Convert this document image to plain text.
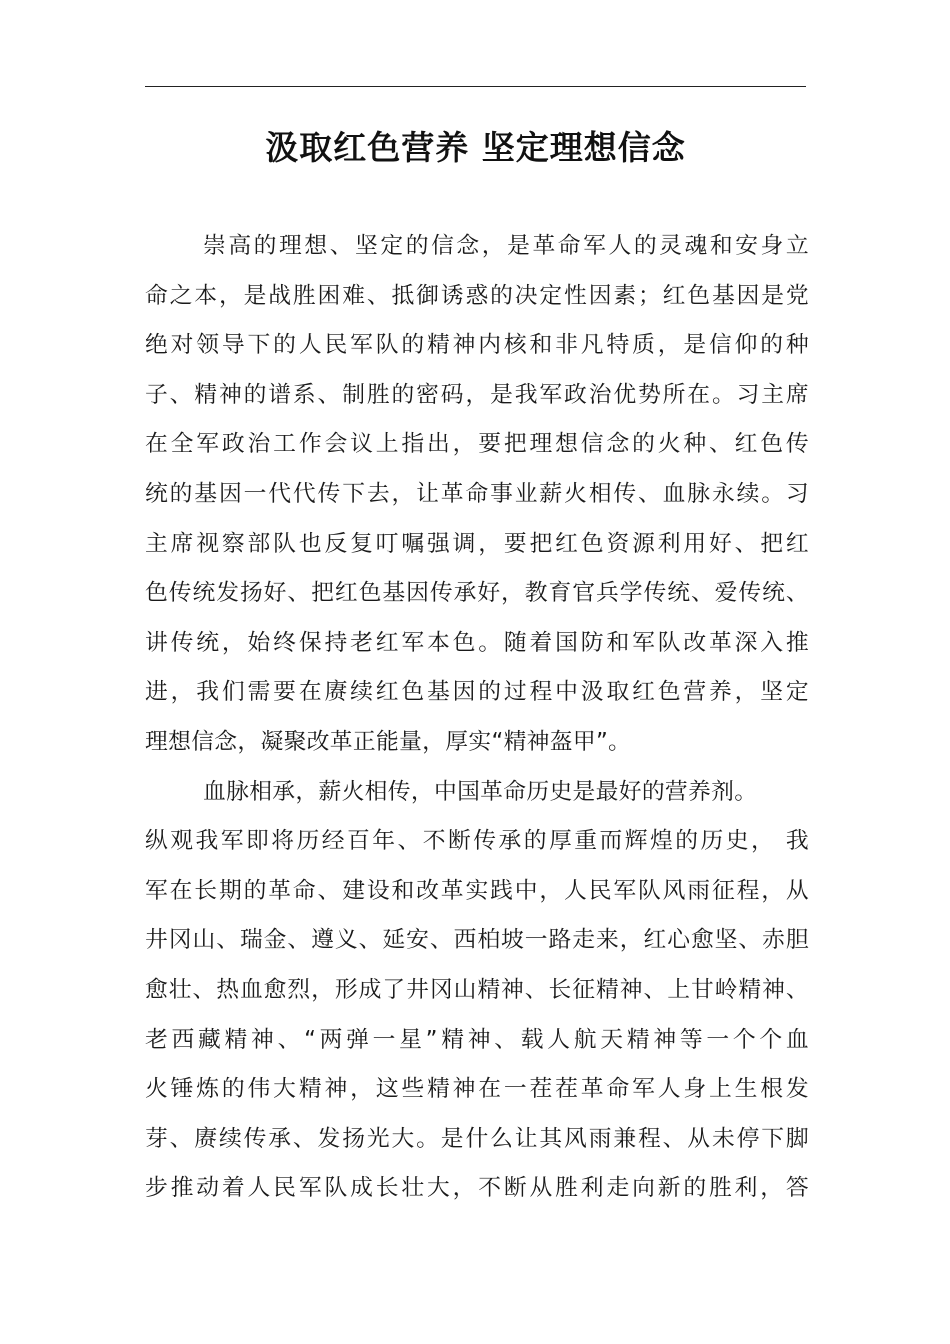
汲取红色营养 坚定理想信念
崇高的理想、坚定的信念，是革命军人的灵魂和安身立
命之本，是战胜困难、抵御诱惑的决定性因素；红色基因是党
绝对领导下的人民军队的精神内核和非凡特质，是信仰的种
子、精神的谱系、制胜的密码，是我军政治优势所在。习主席
在全军政治工作会议上指出，要把理想信念的火种、红色传
统的基因一代代传下去，让革命事业薪火相传、血脉永续。习
主席视察部队也反复叮嘱强调，要把红色资源利用好、把红
色传统发扬好、把红色基因传承好，教育官兵学传统、爱传统、
讲传统，始终保持老红军本色。随着国防和军队改革深入推
进，我们需要在赓续红色基因的过程中汲取红色营养，坚定
理想信念，凝聚改革正能量，厚实“精神盔甲”。
血脉相承，薪火相传，中国革命历史是最好的营养剂。
纵观我军即将历经百年、不断传承的厚重而辉煌的历史， 我
军在长期的革命、建设和改革实践中，人民军队风雨征程，从
井冈山、瑞金、遵义、延安、西柏坡一路走来，红心愈坚、赤胆
愈壮、热血愈烈，形成了井冈山精神、长征精神、上甘岭精神、
老西藏精神、“两弹一星”精神、载人航天精神等一个个血
火锤炼的伟大精神，这些精神在一茬茬革命军人身上生根发
芽、赓续传承、发扬光大。是什么让其风雨兼程、从未停下脚
步推动着人民军队成长壮大，不断从胜利走向新的胜利，答
